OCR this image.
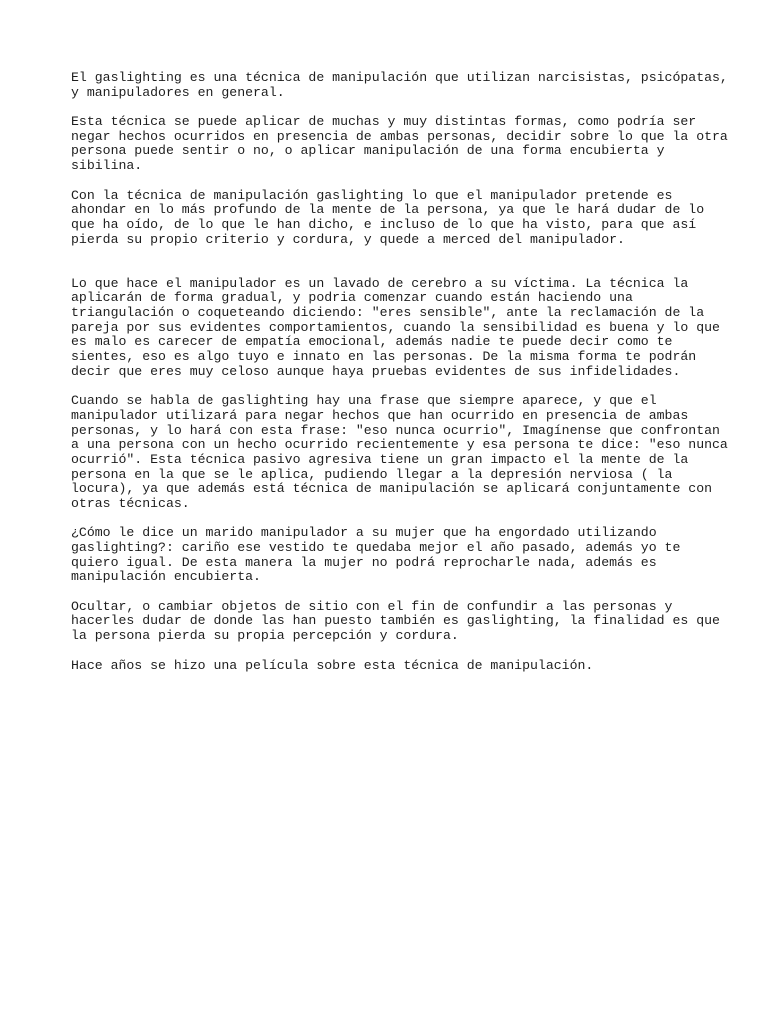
El gaslighting es una técnica de manipulación que utilizan narcisistas, psicópatas,
y manipuladores en general.

Esta técnica se puede aplicar de muchas y muy distintas formas, como podría ser
negar hechos ocurridos en presencia de ambas personas, decidir sobre lo que la otra
persona puede sentir o no, o aplicar manipulación de una forma encubierta y
sibilina.

Con la técnica de manipulación gaslighting lo que el manipulador pretende es
ahondar en lo más profundo de la mente de la persona, ya que le hará dudar de lo
que ha oído, de lo que le han dicho, e incluso de lo que ha visto, para que así
pierda su propio criterio y cordura, y quede a merced del manipulador.

Lo que hace el manipulador es un lavado de cerebro a su víctima. La técnica la
aplicarán de forma gradual, y podria comenzar cuando están haciendo una
triangulación o coqueteando diciendo: "eres sensible", ante la reclamación de la
pareja por sus evidentes comportamientos, cuando la sensibilidad es buena y lo que
es malo es carecer de empatía emocional, además nadie te puede decir como te
sientes, eso es algo tuyo e innato en las personas. De la misma forma te podrán
decir que eres muy celoso aunque haya pruebas evidentes de sus infidelidades.

Cuando se habla de gaslighting hay una frase que siempre aparece, y que el
manipulador utilizará para negar hechos que han ocurrido en presencia de ambas
personas, y lo hará con esta frase: "eso nunca ocurrio", Imagínense que confrontan
a una persona con un hecho ocurrido recientemente y esa persona te dice: "eso nunca
ocurrió". Esta técnica pasivo agresiva tiene un gran impacto el la mente de la
persona en la que se le aplica, pudiendo llegar a la depresión nerviosa ( la
locura), ya que además está técnica de manipulación se aplicará conjuntamente con
otras técnicas.

¿Cómo le dice un marido manipulador a su mujer que ha engordado utilizando
gaslighting?: cariño ese vestido te quedaba mejor el año pasado, además yo te
quiero igual. De esta manera la mujer no podrá reprocharle nada, además es
manipulación encubierta.

Ocultar, o cambiar objetos de sitio con el fin de confundir a las personas y
hacerles dudar de donde las han puesto también es gaslighting, la finalidad es que
la persona pierda su propia percepción y cordura.

Hace años se hizo una película sobre esta técnica de manipulación.
